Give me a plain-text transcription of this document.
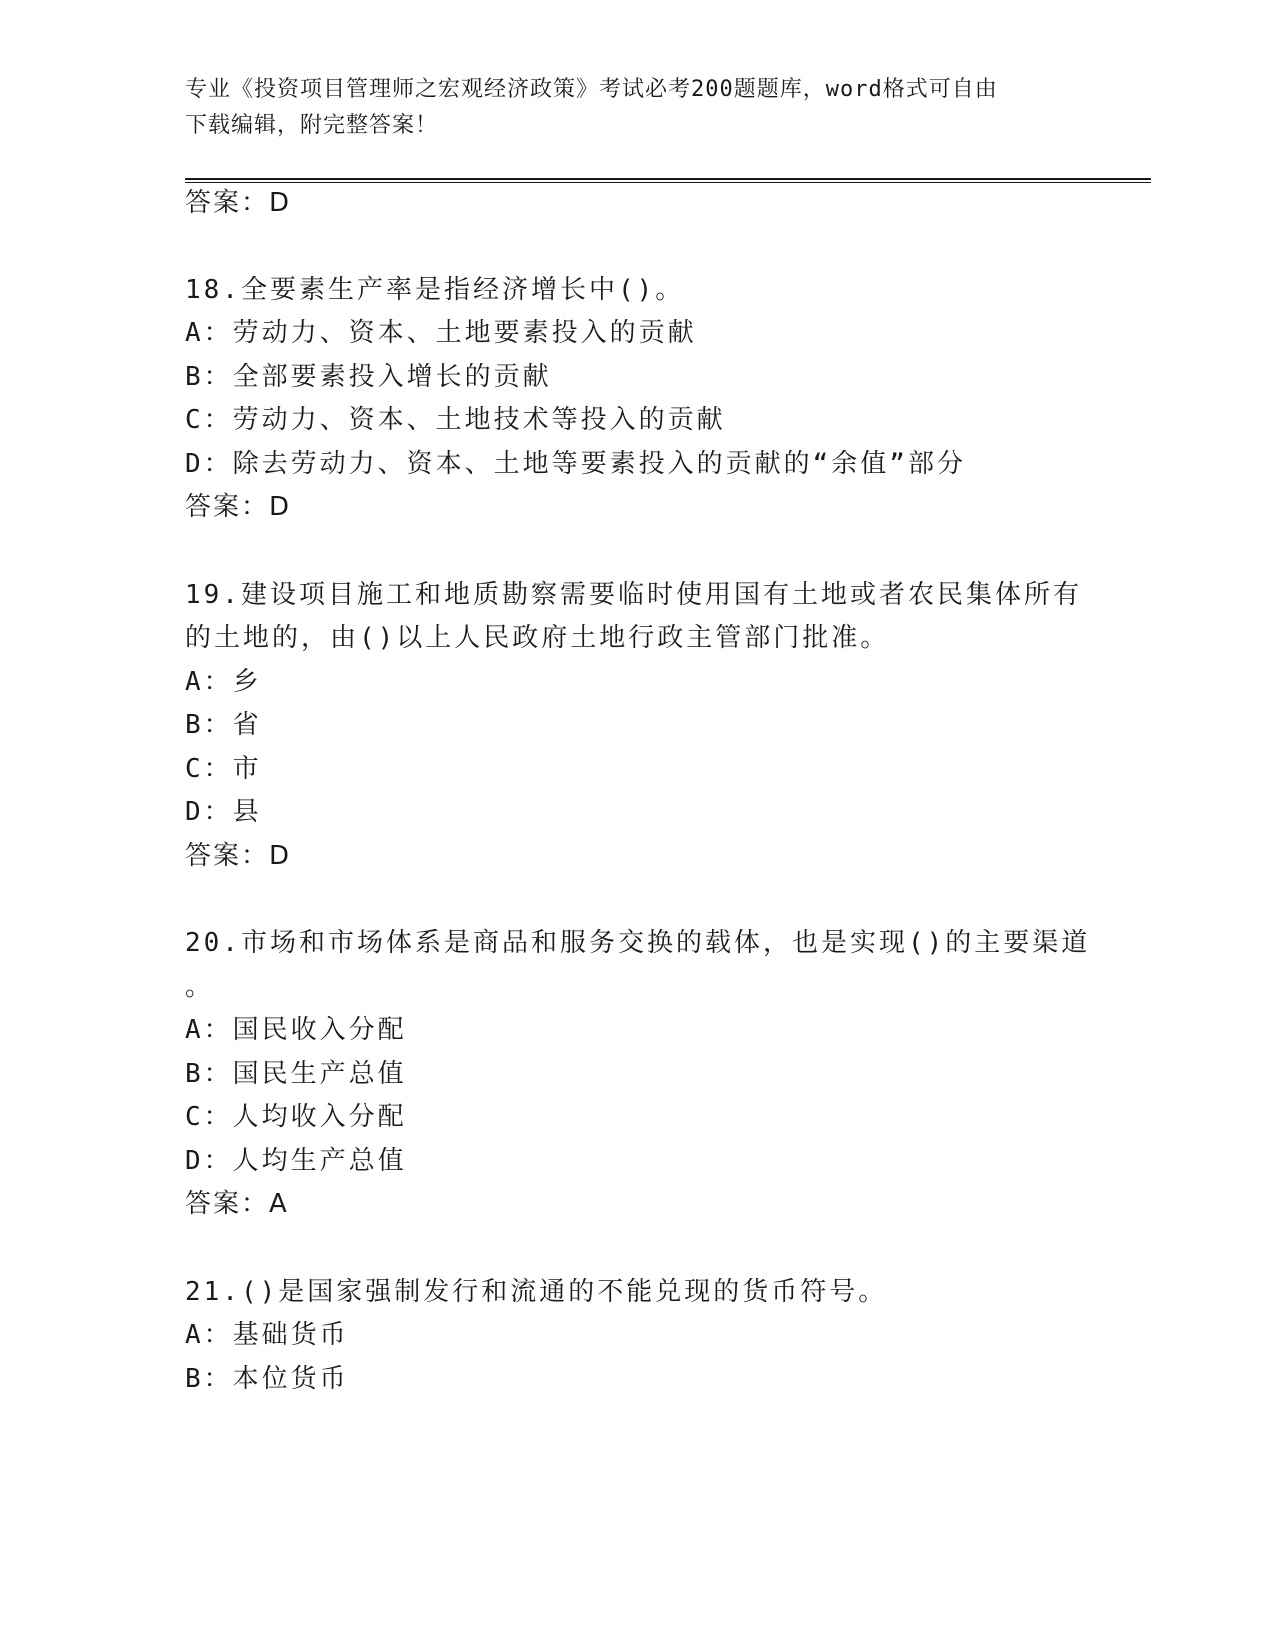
专业《投资项目管理师之宏观经济政策》考试必考200题题库，word格式可自由
下载编辑，附完整答案！
答案：D
18.全要素生产率是指经济增长中()。
A：劳动力、资本、土地要素投入的贡献
B：全部要素投入增长的贡献
C：劳动力、资本、土地技术等投入的贡献
D：除去劳动力、资本、土地等要素投入的贡献的“余值”部分
答案：D
19.建设项目施工和地质勘察需要临时使用国有土地或者农民集体所有
的土地的，由()以上人民政府土地行政主管部门批准。
A：乡
B：省
C：市
D：县
答案：D
20.市场和市场体系是商品和服务交换的载体，也是实现()的主要渠道
。
A：国民收入分配
B：国民生产总值
C：人均收入分配
D：人均生产总值
答案：A
21.()是国家强制发行和流通的不能兑现的货币符号。
A：基础货币
B：本位货币
